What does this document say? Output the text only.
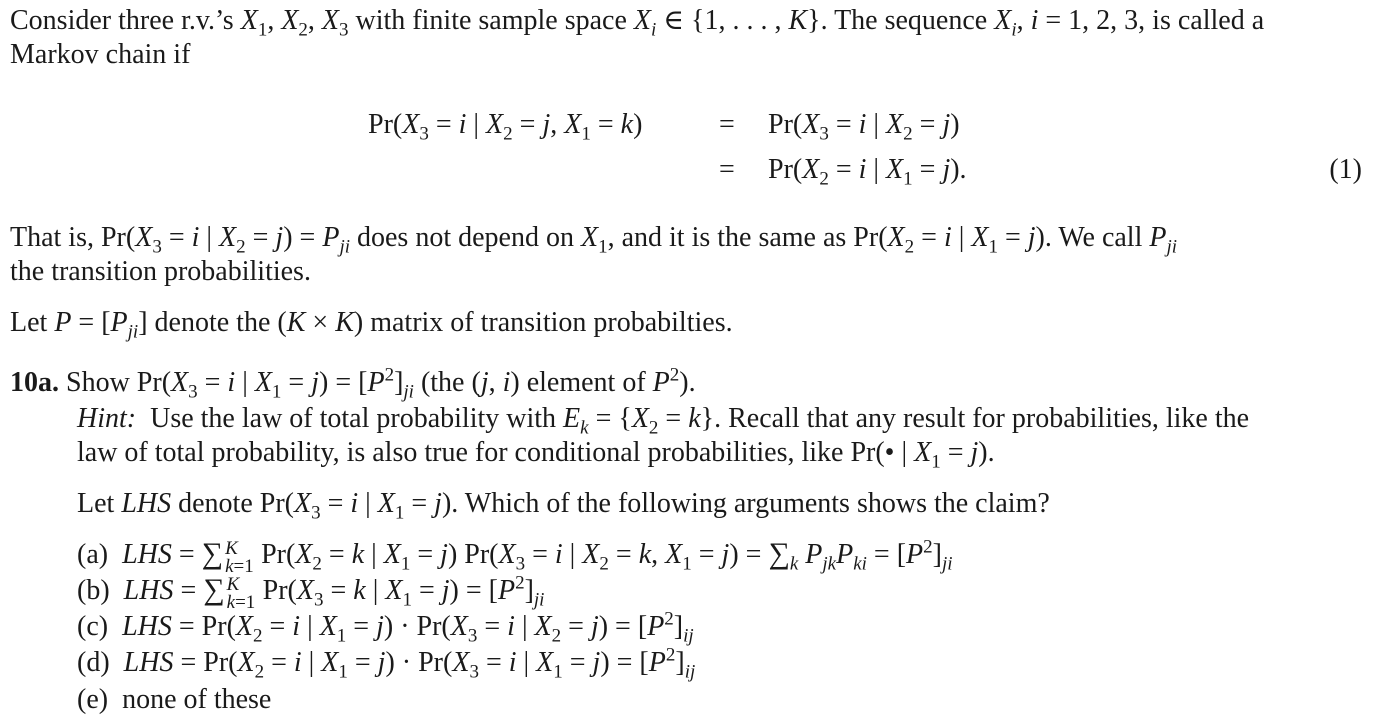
Consider three r.v.’s $X_1$, $X_2$, $X_3$ with finite sample space $X_i$ ∈ {1, . . . , K}. The sequence $X_i$, i = 1, 2, 3, is called a
Markov chain if
$Pr(X_3 = i$ | $X_2 = j$, $X_1 = k$)	= $Pr(X_3 = i$ | $X_2 = j$)
= $Pr(X_2 = i$ | $X_1 = j$).	(1)
That is, $Pr(X_3 = i$ | $X_2 = j) = P_{ji}$ does not depend on $X_1$, and it is the same as $Pr(X_2 = i$ | $X_1 = j$). We call $P_{ji}$
the transition probabilities.
Let $P = [P_{ji}]$ denote the (K × K) matrix of transition probabilties.
10a. Show $Pr(X_3 = i$ | $X_1 = j) = [P^2]_{ji}$ (the (j, i) element of $P^2$).
Hint:  Use the law of total probability with $E_k = \{X_2 = k\}$. Recall that any result for probabilities, like the
law of total probability, is also true for conditional probabilities, like Pr(• | $X_1 = j$).
Let LHS denote $Pr(X_3 = i$ | $X_1 = j$). Which of the following arguments shows the claim?
(a) LHS = ∑ K
k=1 $Pr(X_2 = k$ | $X_1 = j$) $Pr(X_3 = i$ | $X_2 = k$, $X_1 = j) = \sum_k$ $P_{jk}P_{ki} = [P^2]_{ji}$
(b) LHS = ∑ K
k=1 $Pr(X_3 = k$ | $X_1 = j) = [P^2]_{ji}$
(c) LHS = $Pr(X_2 = i$ | $X_1 = j) \cdot Pr(X_3 = i$ | $X_2 = j) = [P^2]_{ij}$
(d) LHS = $Pr(X_2 = i$ | $X_1 = j) \cdot Pr(X_3 = i$ | $X_1 = j) = [P^2]_{ij}$
(e) none of these
